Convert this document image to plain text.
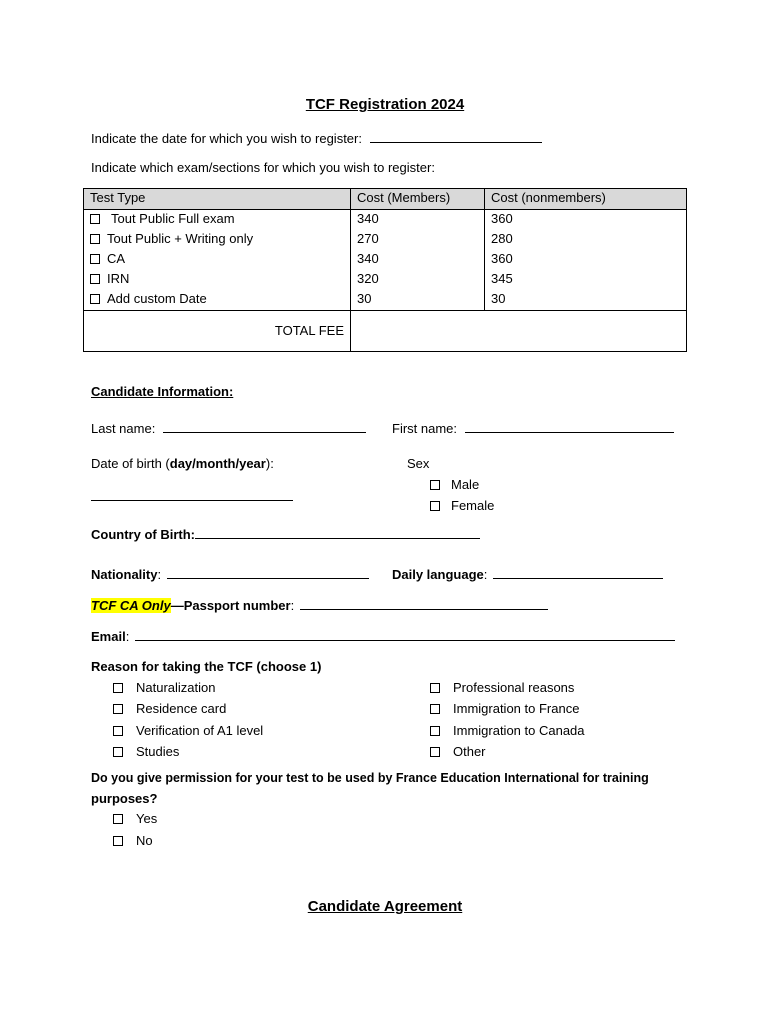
TCF Registration 2024
Indicate the date for which you wish to register:
Indicate which exam/sections for which you wish to register:
Test Type	Cost (Members)	Cost (nonmembers)
Tout Public Full exam	340	360
Tout Public + Writing only	270	280
CA	340	360
IRN	320	345
Add custom Date	30	30
TOTAL FEE		
Candidate Information:
Last name:	First name:
Date of birth (day/month/year):	Sex
Male
Female
Country of Birth:
Nationality:	Daily language:
TCF CA Only—Passport number:
Email:
Reason for taking the TCF (choose 1)
Naturalization
Residence card
Verification of A1 level
Studies
Professional reasons
Immigration to France
Immigration to Canada
Other
Do you give permission for your test to be used by France Education International for training
purposes?
Yes
No
Candidate Agreement
